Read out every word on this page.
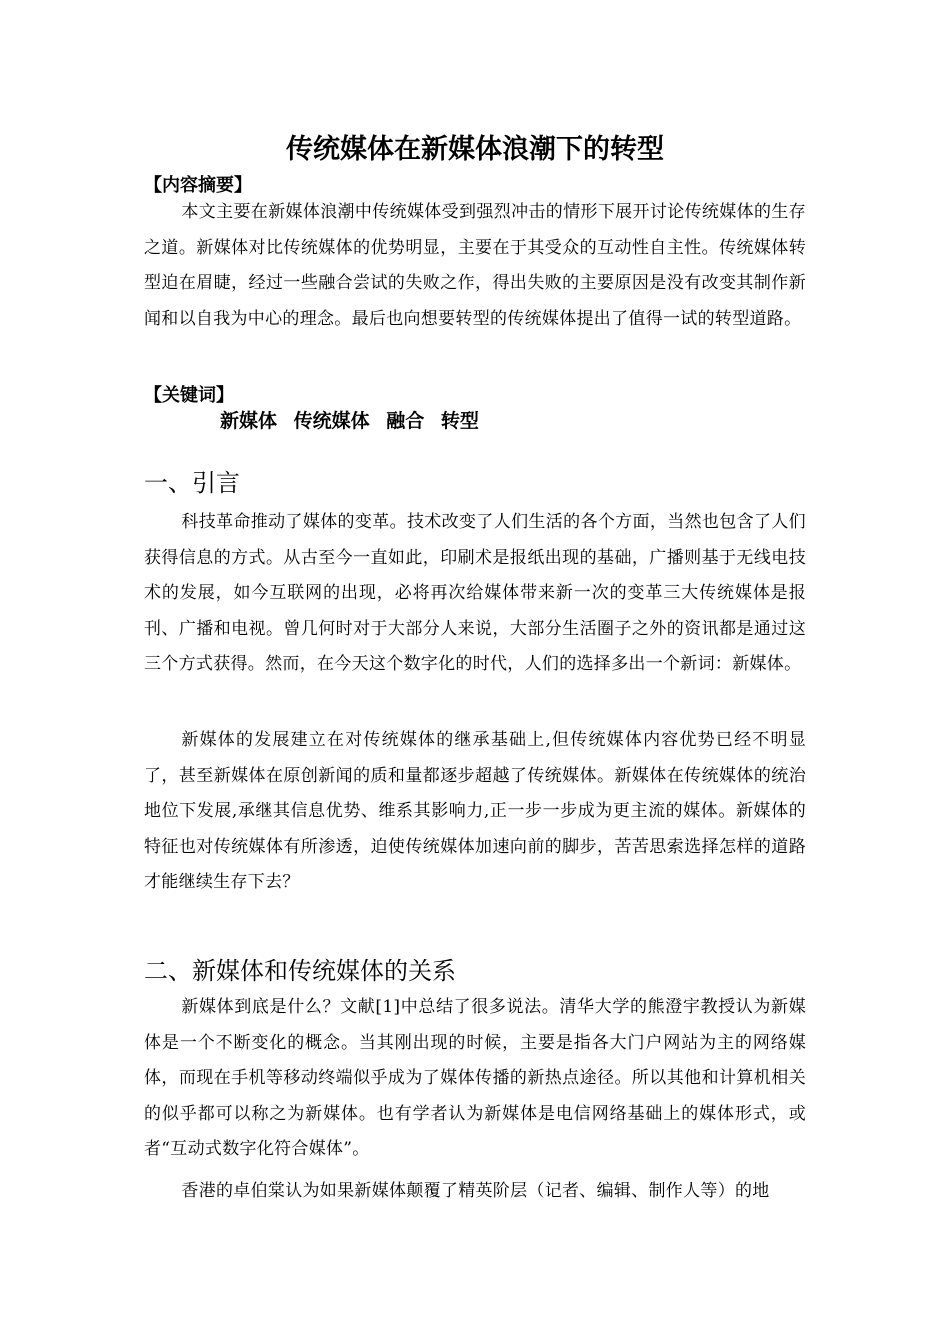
传统媒体在新媒体浪潮下的转型
【内容摘要】

本文主要在新媒体浪潮中传统媒体受到强烈冲击的情形下展开讨论传统媒体的生存之道。新媒体对比传统媒体的优势明显，主要在于其受众的互动性自主性。传统媒体转型迫在眉睫，经过一些融合尝试的失败之作，得出失败的主要原因是没有改变其制作新闻和以自我为中心的理念。最后也向想要转型的传统媒体提出了值得一试的转型道路。

【关键词】
新媒体 传统媒体 融合 转型
一、引言

科技革命推动了媒体的变革。技术改变了人们生活的各个方面，当然也包含了人们获得信息的方式。从古至今一直如此，印刷术是报纸出现的基础，广播则基于无线电技术的发展，如今互联网的出现，必将再次给媒体带来新一次的变革三大传统媒体是报刊、广播和电视。曾几何时对于大部分人来说，大部分生活圈子之外的资讯都是通过这三个方式获得。然而，在今天这个数字化的时代，人们的选择多出一个新词：新媒体。

新媒体的发展建立在对传统媒体的继承基础上,但传统媒体内容优势已经不明显了，甚至新媒体在原创新闻的质和量都逐步超越了传统媒体。新媒体在传统媒体的统治地位下发展,承继其信息优势、维系其影响力,正一步一步成为更主流的媒体。新媒体的特征也对传统媒体有所渗透，迫使传统媒体加速向前的脚步，苦苦思索选择怎样的道路才能继续生存下去？

二、新媒体和传统媒体的关系

新媒体到底是什么？文献[1]中总结了很多说法。清华大学的熊澄宇教授认为新媒体是一个不断变化的概念。当其刚出现的时候，主要是指各大门户网站为主的网络媒体，而现在手机等移动终端似乎成为了媒体传播的新热点途径。所以其他和计算机相关的似乎都可以称之为新媒体。也有学者认为新媒体是电信网络基础上的媒体形式，或者“互动式数字化符合媒体”。

香港的卓伯棠认为如果新媒体颠覆了精英阶层（记者、编辑、制作人等）的地
